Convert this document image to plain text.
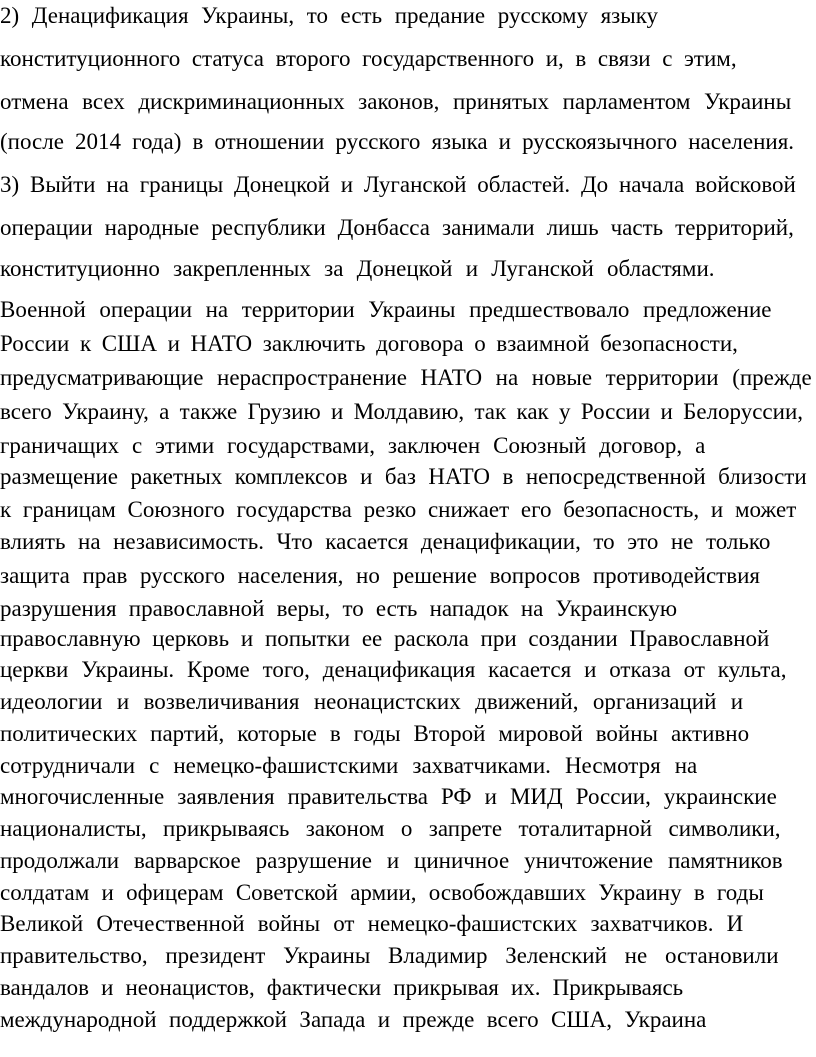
2) Денацификация Украины, то есть предание русскому языку
конституционного статуса второго государственного и, в связи с этим,
отмена всех дискриминационных законов, принятых парламентом Украины
(после 2014 года) в отношении русского языка и русскоязычного населения.
3) Выйти на границы Донецкой и Луганской областей. До начала войсковой
операции народные республики Донбасса занимали лишь часть территорий,
конституционно закрепленных за Донецкой и Луганской областями.
Военной операции на территории Украины предшествовало предложение
России к США и НАТО заключить договора о взаимной безопасности,
предусматривающие нераспространение НАТО на новые территории (прежде
всего Украину, а также Грузию и Молдавию, так как у России и Белоруссии,
граничащих с этими государствами, заключен Союзный договор, а
размещение ракетных комплексов и баз НАТО в непосредственной близости
к границам Союзного государства резко снижает его безопасность, и может
влиять на независимость. Что касается денацификации, то это не только
защита прав русского населения, но решение вопросов противодействия
разрушения православной веры, то есть нападок на Украинскую
православную церковь и попытки ее раскола при создании Православной
церкви Украины. Кроме того, денацификация касается и отказа от культа,
идеологии и возвеличивания неонацистских движений, организаций и
политических партий, которые в годы Второй мировой войны активно
сотрудничали с немецко-фашистскими захватчиками. Несмотря на
многочисленные заявления правительства РФ и МИД России, украинские
националисты, прикрываясь законом о запрете тоталитарной символики,
продолжали варварское разрушение и циничное уничтожение памятников
солдатам и офицерам Советской армии, освобождавших Украину в годы
Великой Отечественной войны от немецко-фашистских захватчиков. И
правительство, президент Украины Владимир Зеленский не остановили
вандалов и неонацистов, фактически прикрывая их. Прикрываясь
международной поддержкой Запада и прежде всего США, Украина
